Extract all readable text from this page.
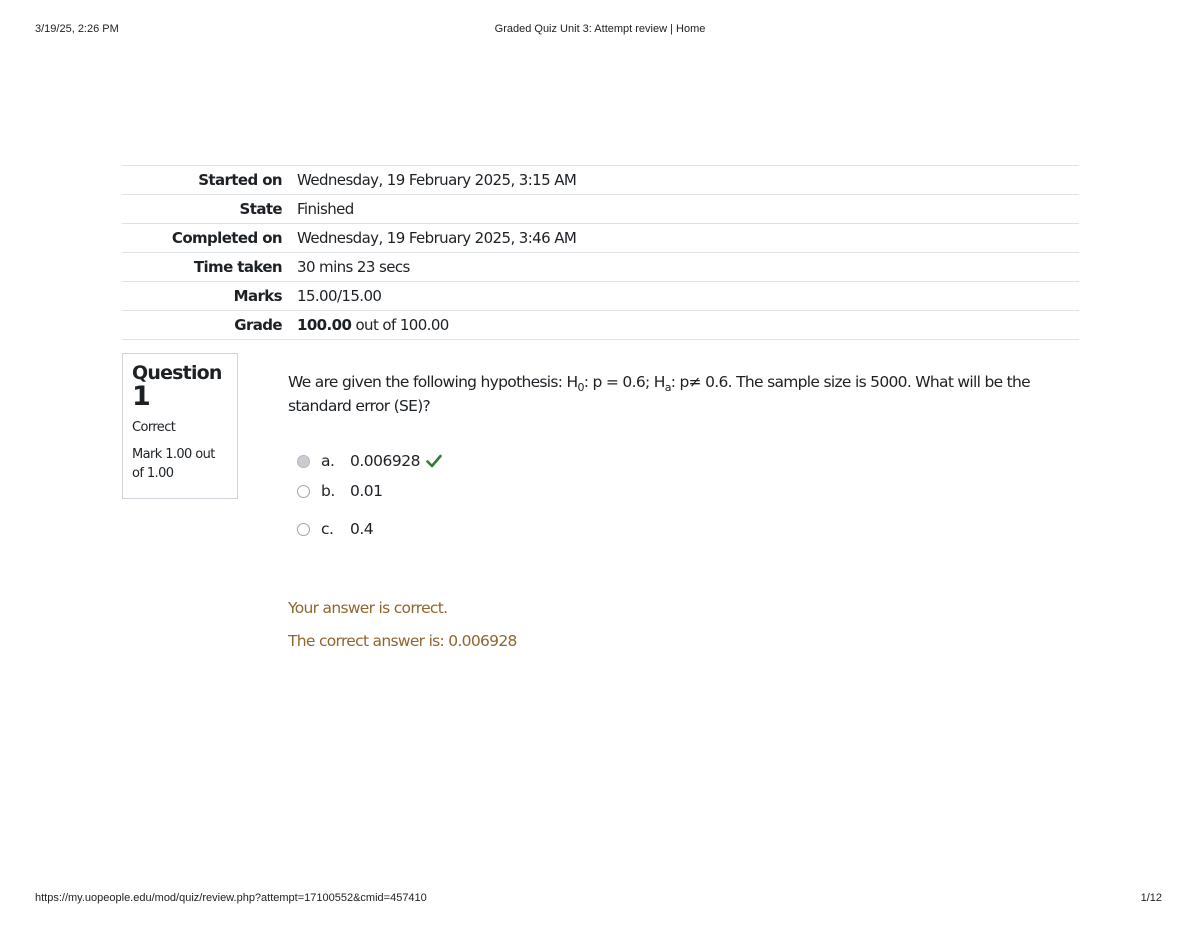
3/19/25, 2:26 PM	Graded Quiz Unit 3: Attempt review | Home
Started on	Wednesday, 19 February 2025, 3:15 AM
State	Finished
Completed on	Wednesday, 19 February 2025, 3:46 AM
Time taken	30 mins 23 secs
Marks	15.00/15.00
Grade	100.00 out of 100.00
Question
1
Correct
Mark 1.00 out of 1.00
We are given the following hypothesis: $H_0$: p = 0.6; $H_a$: p≠ 0.6. The sample size is 5000. What will be the standard error (SE)?
a.	0.006928
b. 0.01
c.	0.4
Your answer is correct.
The correct answer is: 0.006928
https://my.uopeople.edu/mod/quiz/review.php?attempt=17100552&cmid=457410	1/12
